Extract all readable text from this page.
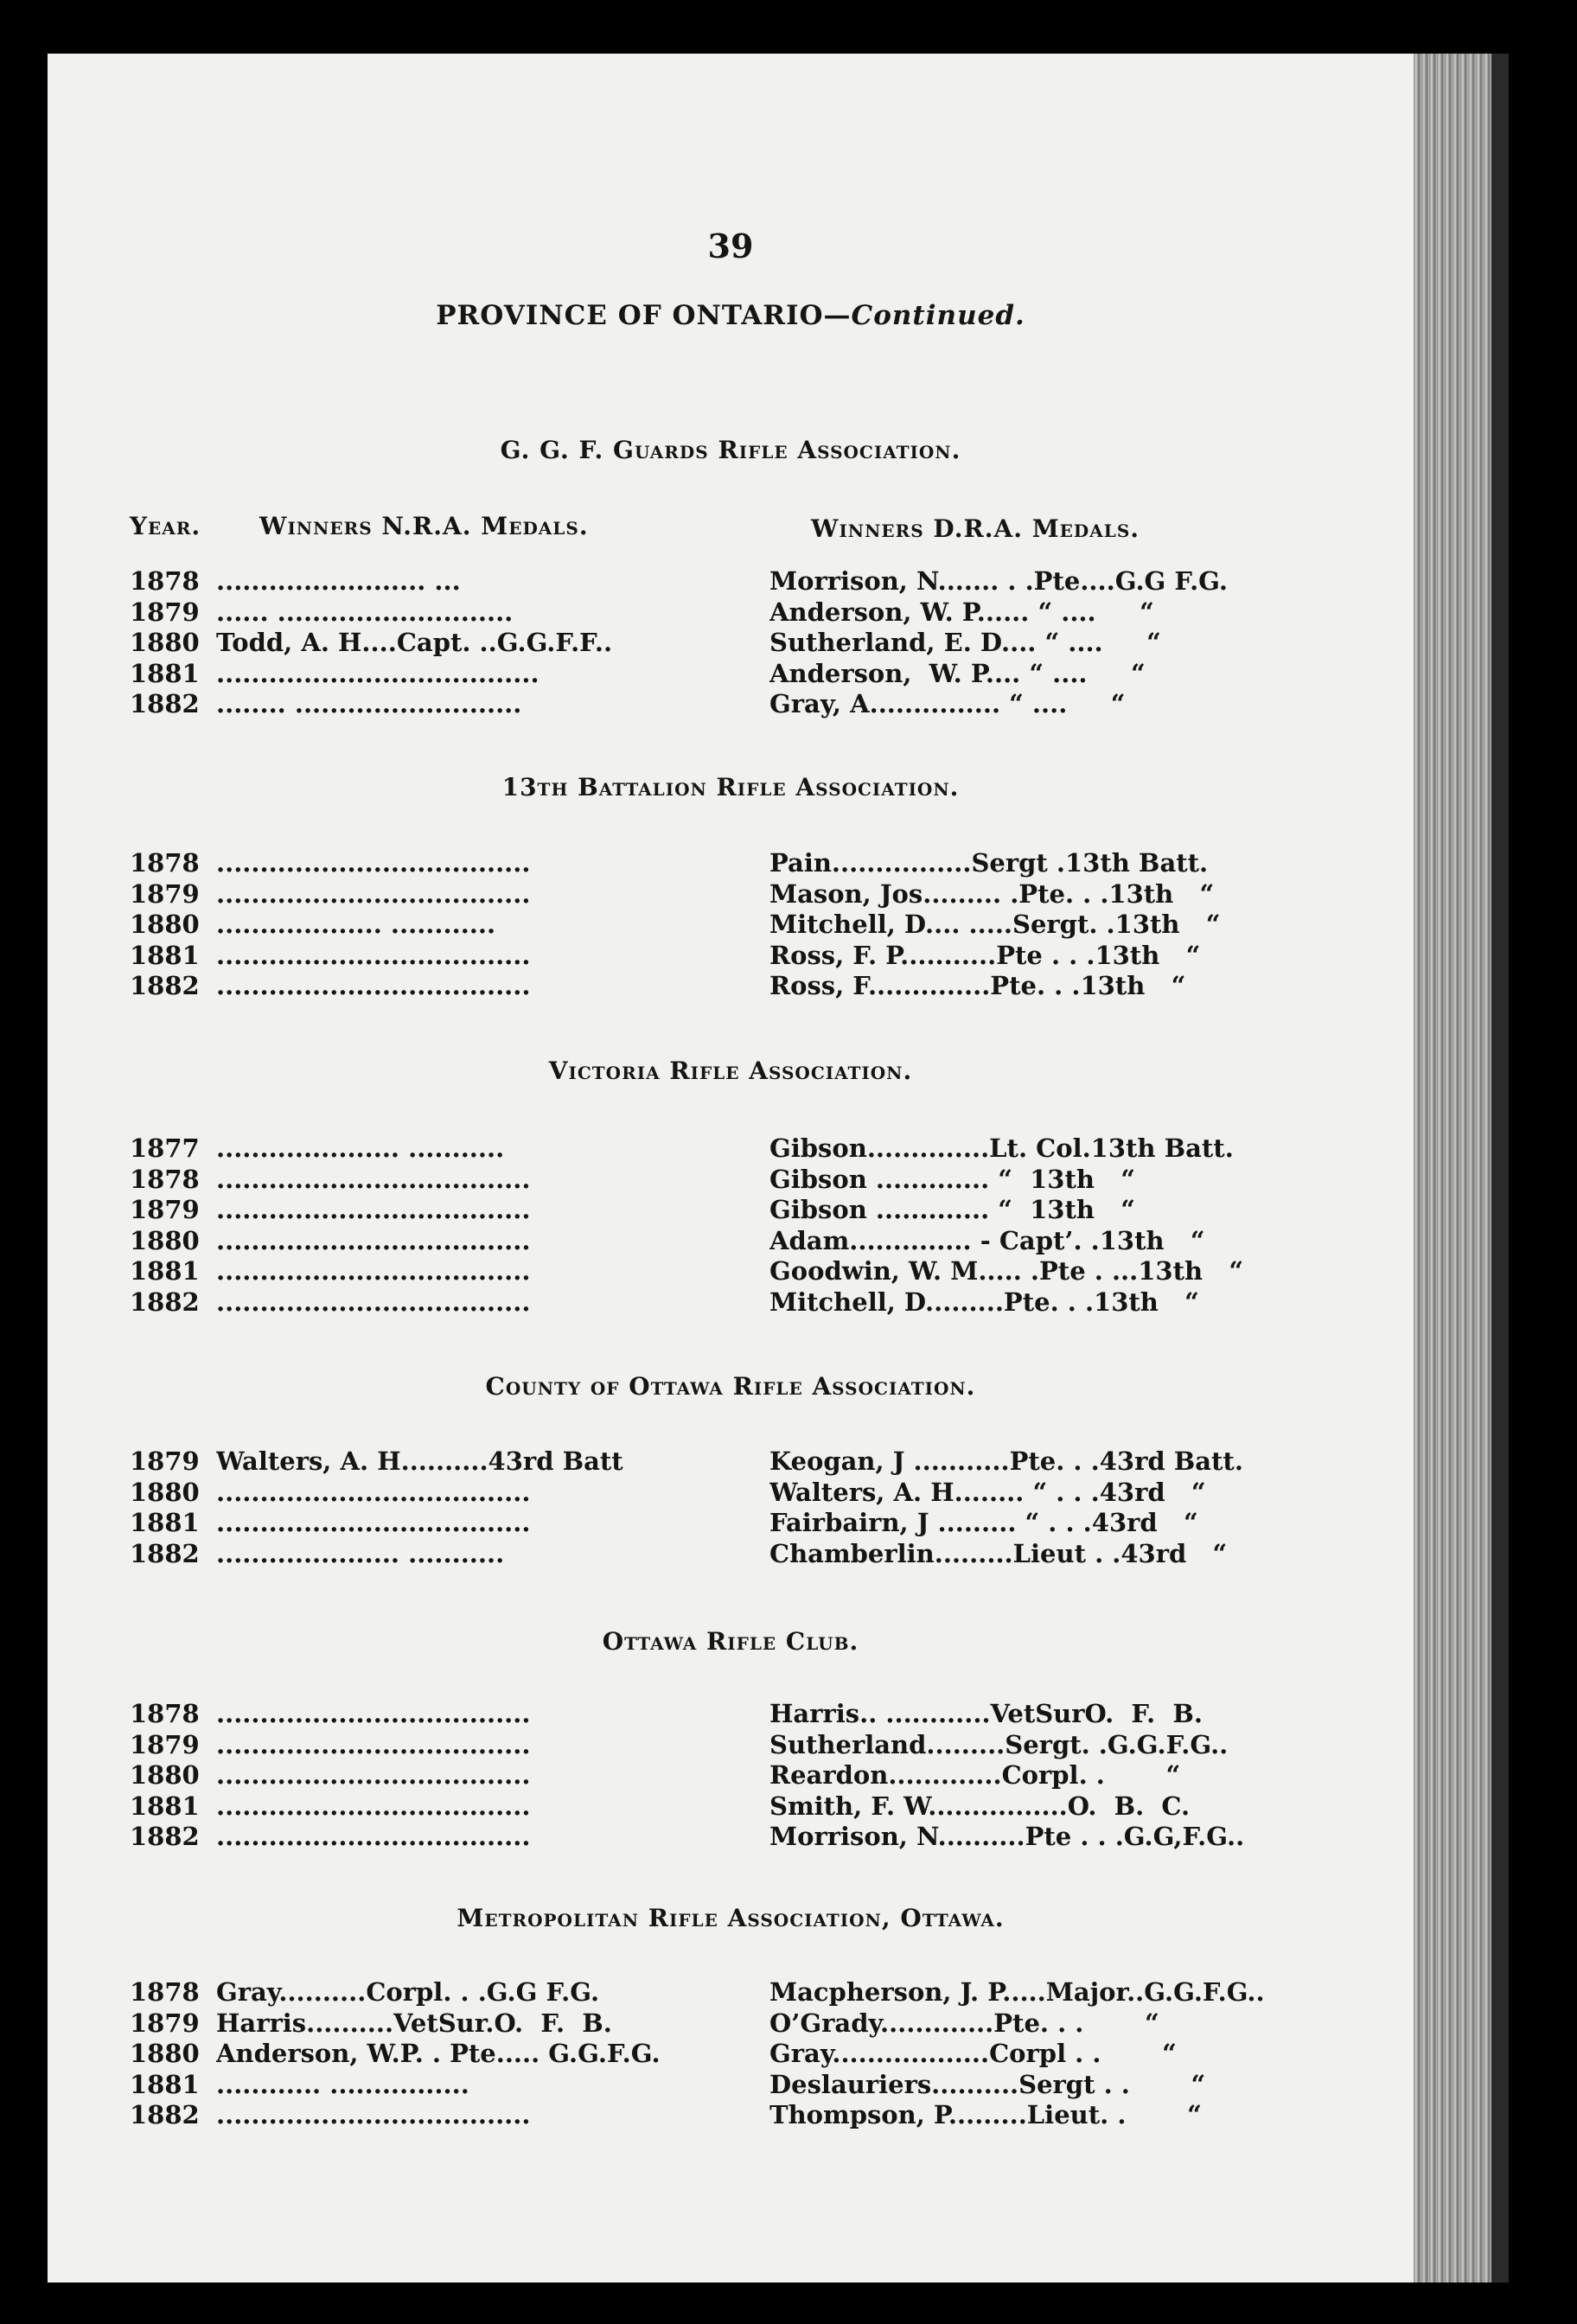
39
PROVINCE OF ONTARIO—Continued.
Year. Winners N.R.A. Medals.	Winners D.R.A. Medals.
G. G. F. Guards Rifle Association.
1878 ........................ ...	Morrison, N....... . .Pte....G.G F.G.
1879 ...... ...........................	Anderson, W. P...... “ ....     “
1880 Todd, A. H....Capt. ..G.G.F.F..	Sutherland, E. D.... “ ....     “
1881 .....................................	Anderson,  W. P.... “ ....     “
1882 ........ ..........................	Gray, A............... “ ....     “
13th Battalion Rifle Association.
1878 ....................................	Pain................Sergt .13th Batt.
1879 ....................................	Mason, Jos......... .Pte. . .13th   “
1880 ................... ............	Mitchell, D.... .....Sergt. .13th   “
1881 ....................................	Ross, F. P...........Pte . . .13th   “
1882 ....................................	Ross, F..............Pte. . .13th   “
Victoria Rifle Association.
1877 ..................... ...........	Gibson..............Lt. Col.13th Batt.
1878 ....................................	Gibson ............. “  13th   “
1879 ....................................	Gibson ............. “  13th   “
1880 ....................................	Adam.............. - Capt’. .13th   “
1881 ....................................	Goodwin, W. M..... .Pte . ...13th   “
1882 ....................................	Mitchell, D.........Pte. . .13th   “
County of Ottawa Rifle Association.
1879 Walters, A. H..........43rd Batt	Keogan, J ...........Pte. . .43rd Batt.
1880 ....................................	Walters, A. H........ “ . . .43rd   “
1881 ....................................	Fairbairn, J ......... “ . . .43rd   “
1882 ..................... ...........	Chamberlin.........Lieut . .43rd   “
Ottawa Rifle Club.
1878 ....................................	Harris.. ............VetSurO.  F.  B.
1879 ....................................	Sutherland.........Sergt. .G.G.F.G..
1880 ....................................	Reardon.............Corpl. .       “
1881 ....................................	Smith, F. W................O.  B.  C.
1882 ....................................	Morrison, N..........Pte . . .G.G,F.G..
Metropolitan Rifle Association, Ottawa.
1878 Gray..........Corpl. . .G.G F.G.	Macpherson, J. P.....Major..G.G.F.G..
1879 Harris..........VetSur.O.  F.  B.	O’Grady.............Pte. . .       “
1880 Anderson, W.P. . Pte..... G.G.F.G.	Gray..................Corpl . .       “
1881 ............ ................	Deslauriers..........Sergt . .       “
1882 ....................................	Thompson, P.........Lieut. .       “
